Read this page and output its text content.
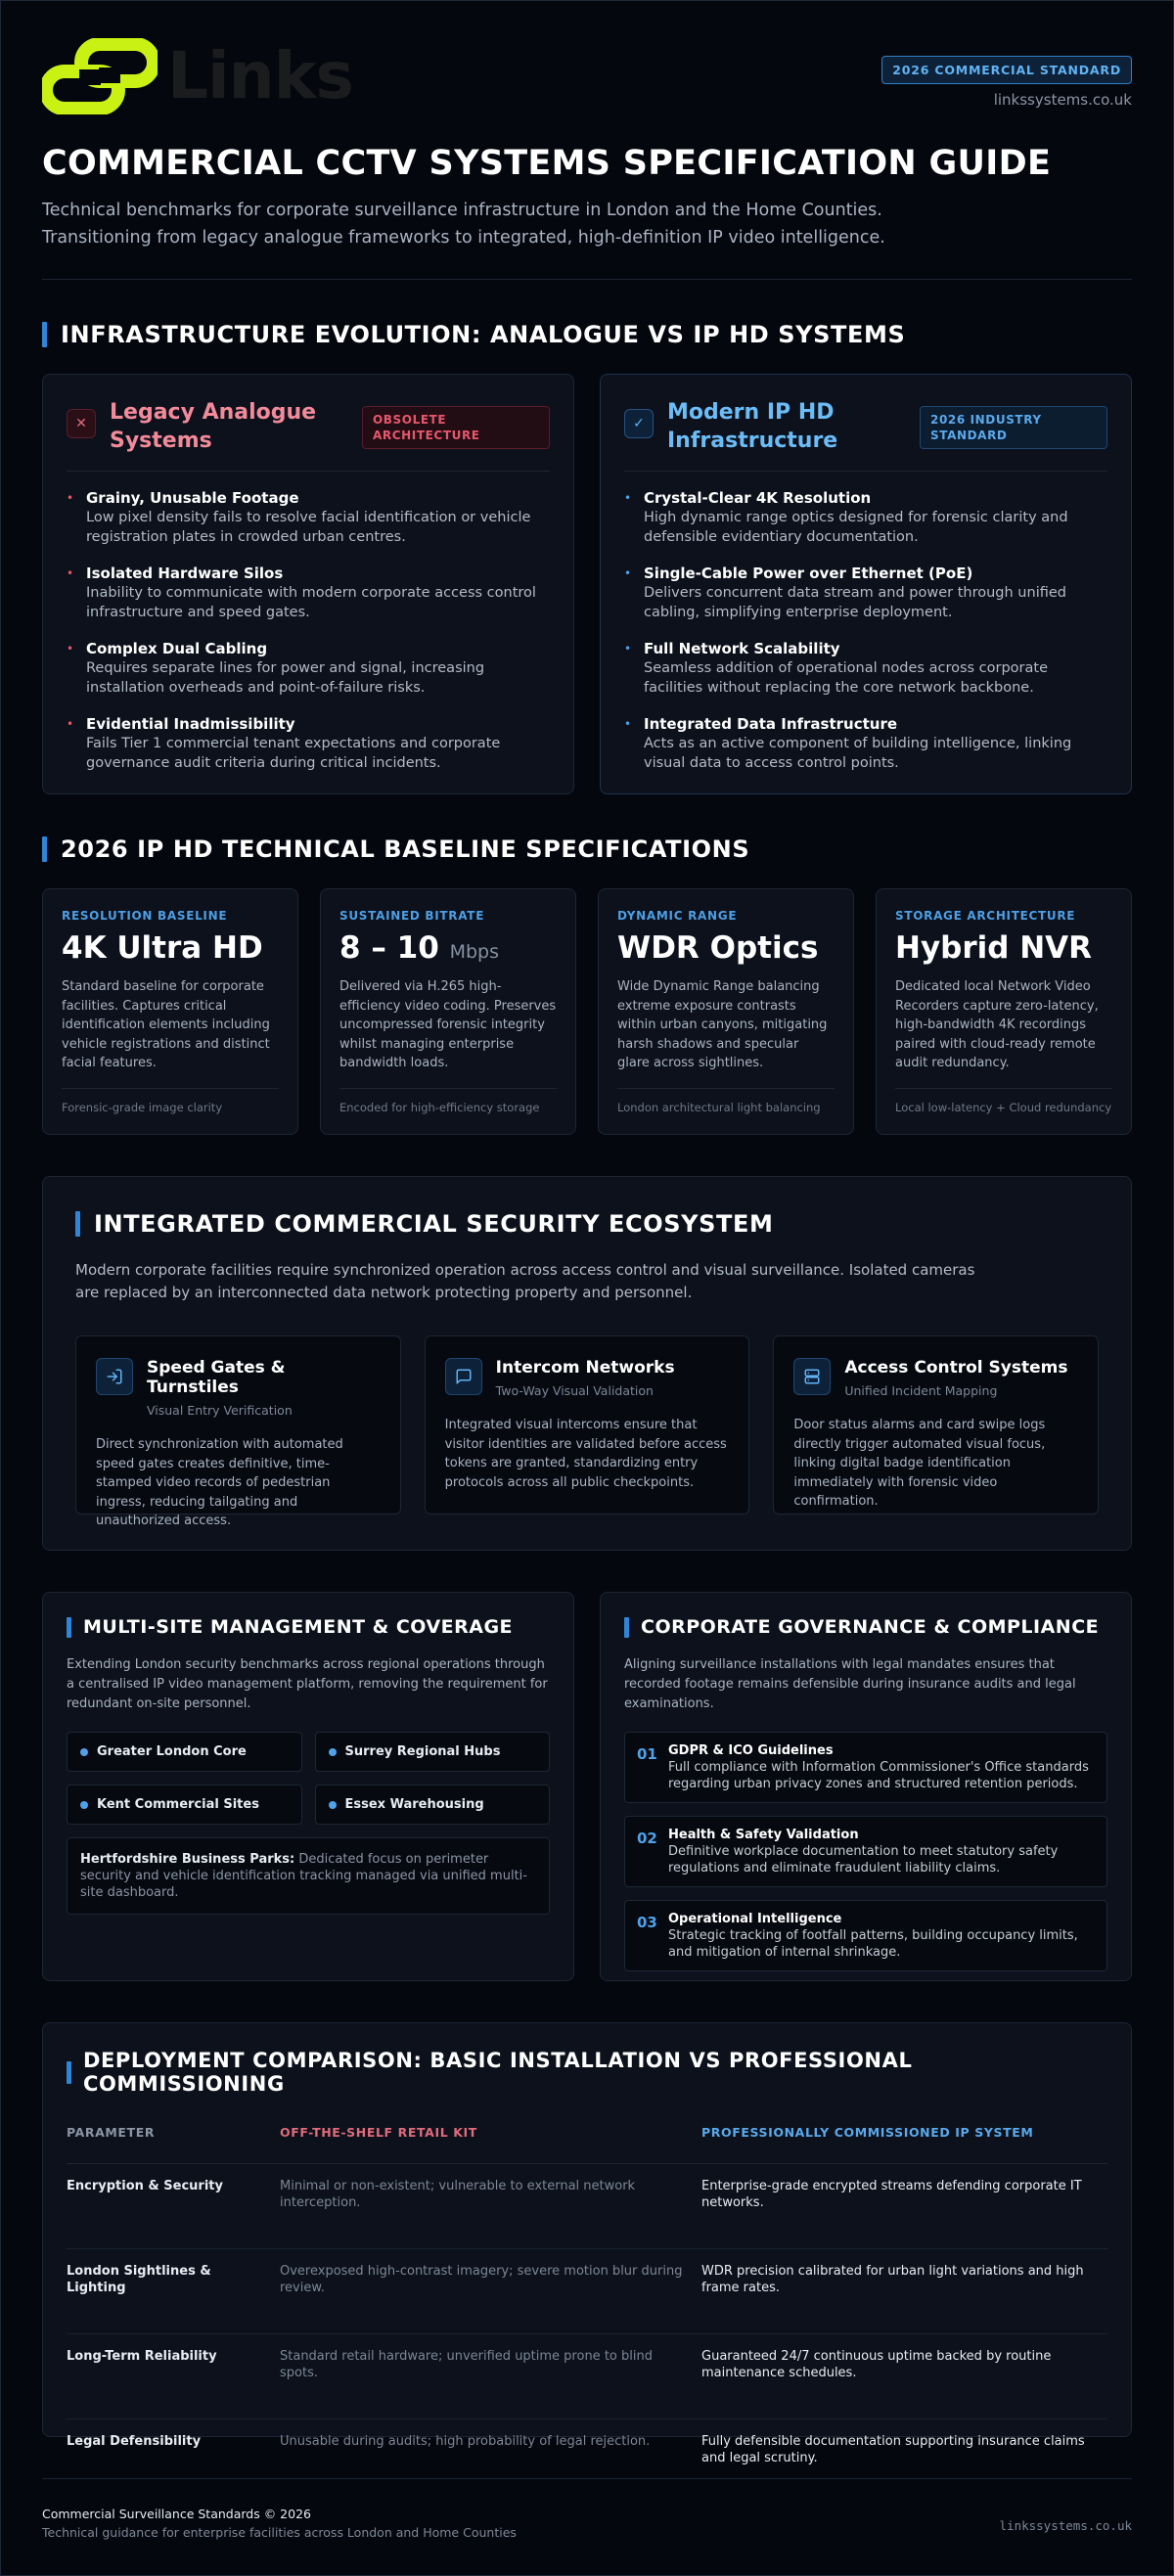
Links	2026 COMMERCIAL STANDARD
linkssystems.co.uk
COMMERCIAL CCTV SYSTEMS SPECIFICATION GUIDE

Technical benchmarks for corporate surveillance infrastructure in London and the Home Counties.
Transitioning from legacy analogue frameworks to integrated, high-definition IP video intelligence.

INFRASTRUCTURE EVOLUTION: ANALOGUE VS IP HD SYSTEMS
✕	Legacy Analogue Systems
OBSOLETE ARCHITECTURE
• Grainy, Unusable Footage
Low pixel density fails to resolve facial identification or vehicle registration plates in crowded urban centres.
• Isolated Hardware Silos
Inability to communicate with modern corporate access control infrastructure and speed gates.
• Complex Dual Cabling
Requires separate lines for power and signal, increasing installation overheads and point-of-failure risks.
• Evidential Inadmissibility
Fails Tier 1 commercial tenant expectations and corporate governance audit criteria during critical incidents.
✓	Modern IP HD Infrastructure
2026 INDUSTRY STANDARD
• Crystal-Clear 4K Resolution
High dynamic range optics designed for forensic clarity and defensible evidentiary documentation.
• Single-Cable Power over Ethernet (PoE)
Delivers concurrent data stream and power through unified cabling, simplifying enterprise deployment.
• Full Network Scalability
Seamless addition of operational nodes across corporate facilities without replacing the core network backbone.
• Integrated Data Infrastructure
Acts as an active component of building intelligence, linking visual data to access control points.
2026 IP HD TECHNICAL BASELINE SPECIFICATIONS
RESOLUTION BASELINE
4K Ultra HD
Standard baseline for corporate facilities. Captures critical identification elements including vehicle registrations and distinct facial features.
Forensic-grade image clarity
SUSTAINED BITRATE
8 – 10 Mbps
Delivered via H.265 high-efficiency video coding. Preserves uncompressed forensic integrity whilst managing enterprise bandwidth loads.
Encoded for high-efficiency storage
DYNAMIC RANGE
WDR Optics
Wide Dynamic Range balancing extreme exposure contrasts within urban canyons, mitigating harsh shadows and specular glare across sightlines.
London architectural light balancing
STORAGE ARCHITECTURE
Hybrid NVR
Dedicated local Network Video Recorders capture zero-latency, high-bandwidth 4K recordings paired with cloud-ready remote audit redundancy.
Local low-latency + Cloud redundancy
INTEGRATED COMMERCIAL SECURITY ECOSYSTEM
Modern corporate facilities require synchronized operation across access control and visual surveillance. Isolated cameras are replaced by an interconnected data network protecting property and personnel.
Speed Gates & Turnstiles
Visual Entry Verification
Direct synchronization with automated speed gates creates definitive, time-stamped video records of pedestrian ingress, reducing tailgating and unauthorized access.
Intercom Networks
Two-Way Visual Validation
Integrated visual intercoms ensure that visitor identities are validated before access tokens are granted, standardizing entry protocols across all public checkpoints.
Access Control Systems
Unified Incident Mapping
Door status alarms and card swipe logs directly trigger automated visual focus, linking digital badge identification immediately with forensic video confirmation.
MULTI-SITE MANAGEMENT & COVERAGE
Extending London security benchmarks across regional operations through a centralised IP video management platform, removing the requirement for redundant on-site personnel.
Greater London Core	Surrey Regional Hubs
Kent Commercial Sites	Essex Warehousing
Hertfordshire Business Parks: Dedicated focus on perimeter security and vehicle identification tracking managed via unified multi-site dashboard.
CORPORATE GOVERNANCE & COMPLIANCE
Aligning surveillance installations with legal mandates ensures that recorded footage remains defensible during insurance audits and legal examinations.
01 GDPR & ICO Guidelines
Full compliance with Information Commissioner's Office standards regarding urban privacy zones and structured retention periods.
02 Health & Safety Validation
Definitive workplace documentation to meet statutory safety regulations and eliminate fraudulent liability claims.
03 Operational Intelligence
Strategic tracking of footfall patterns, building occupancy limits, and mitigation of internal shrinkage.
DEPLOYMENT COMPARISON: BASIC INSTALLATION VS PROFESSIONAL COMMISSIONING
PARAMETER	OFF-THE-SHELF RETAIL KIT	PROFESSIONALLY COMMISSIONED IP SYSTEM
Encryption & Security	Minimal or non-existent; vulnerable to external network interception.	Enterprise-grade encrypted streams defending corporate IT networks.
London Sightlines & Lighting	Overexposed high-contrast imagery; severe motion blur during review.	WDR precision calibrated for urban light variations and high frame rates.
Long-Term Reliability	Standard retail hardware; unverified uptime prone to blind spots.	Guaranteed 24/7 continuous uptime backed by routine maintenance schedules.
Legal Defensibility	Unusable during audits; high probability of legal rejection.	Fully defensible documentation supporting insurance claims and legal scrutiny.
Commercial Surveillance Standards © 2026
Technical guidance for enterprise facilities across London and Home Counties	linkssystems.co.uk
